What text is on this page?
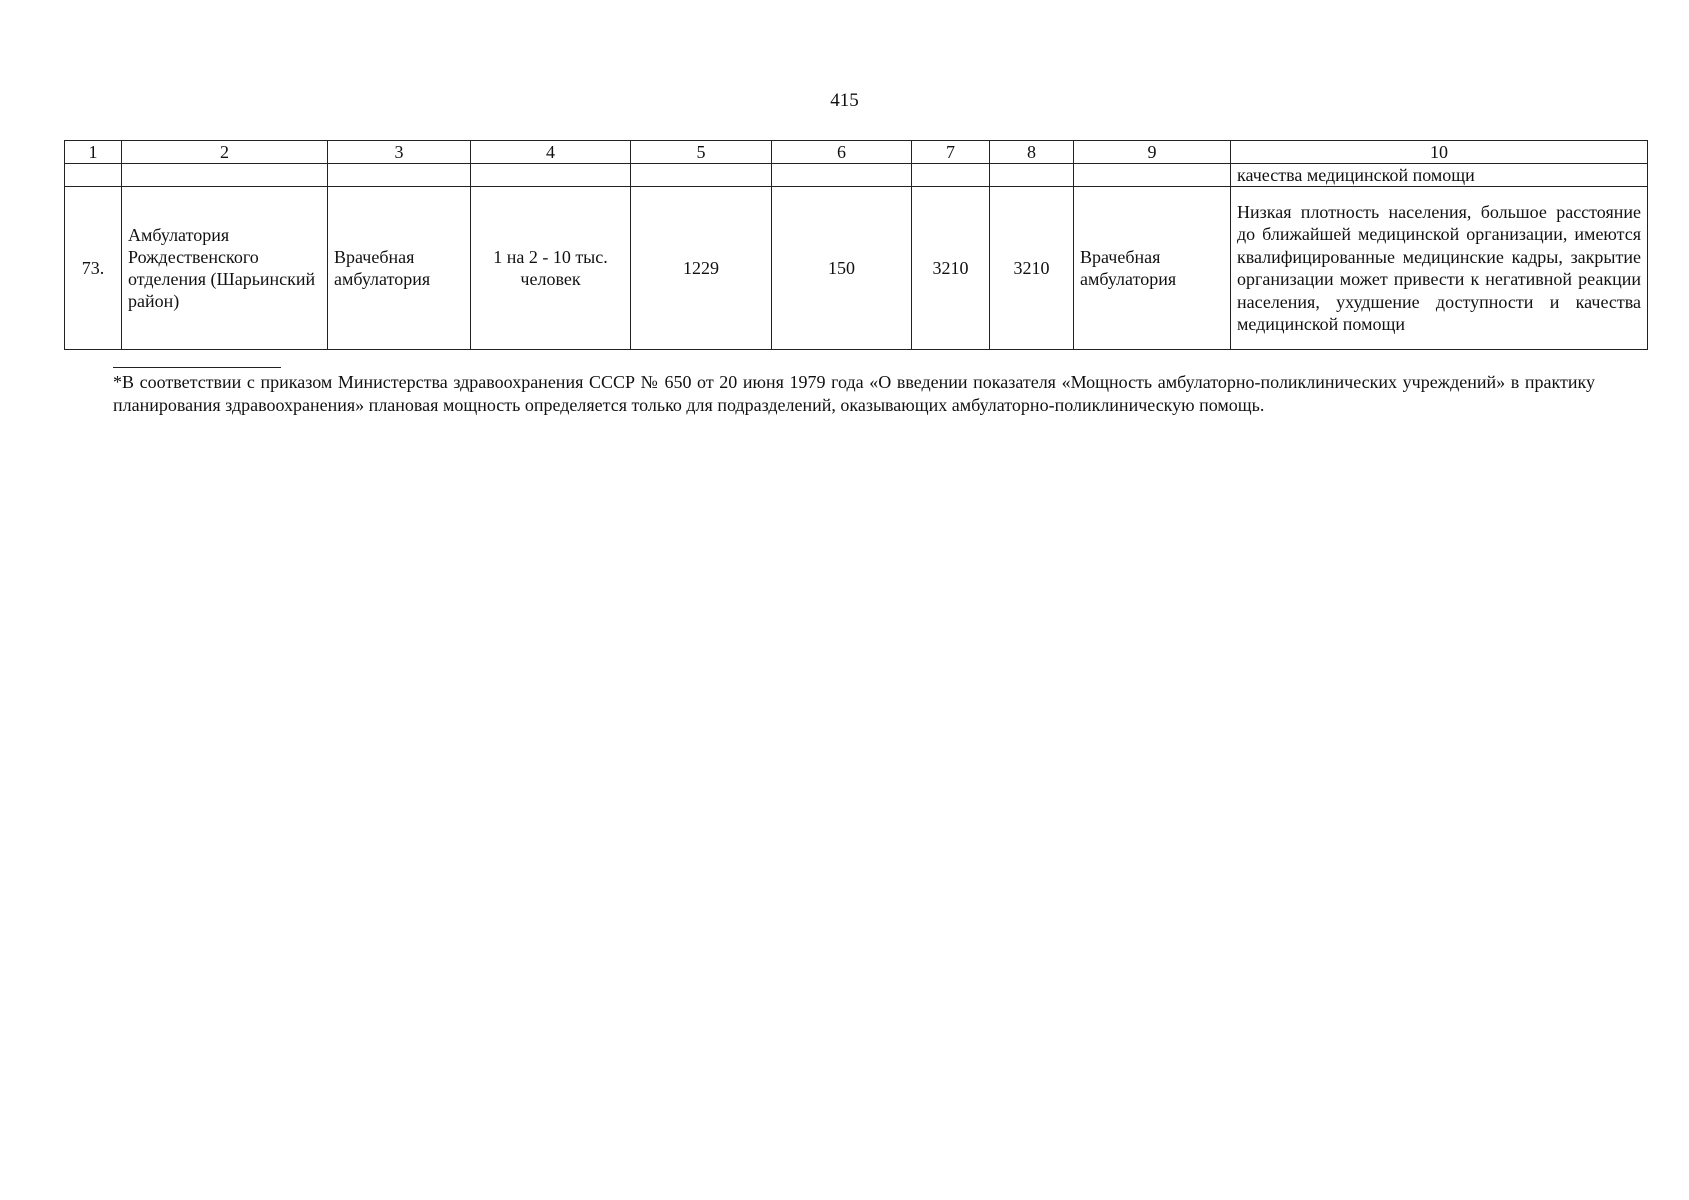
415
1	2	3	4	5	6	7	8	9	10
									качества медицинской помощи
73.	Амбулатория Рождественского отделения (Шарьинский район)	Врачебная амбулатория	1 на 2 - 10 тыс. человек	1229	150	3210	3210	Врачебная амбулатория	Низкая плотность населения, большое расстояние до ближайшей медицинской организации, имеются квалифицированные медицинские кадры, закрытие организации может привести к негативной реакции населения, ухудшение доступности и качества медицинской помощи
*В соответствии с приказом Министерства здравоохранения СССР № 650 от 20 июня 1979 года «О введении показателя «Мощность амбулаторно-поликлинических учреждений» в практику планирования здравоохранения» плановая мощность определяется только для подразделений, оказывающих амбулаторно-поликлиническую помощь.
